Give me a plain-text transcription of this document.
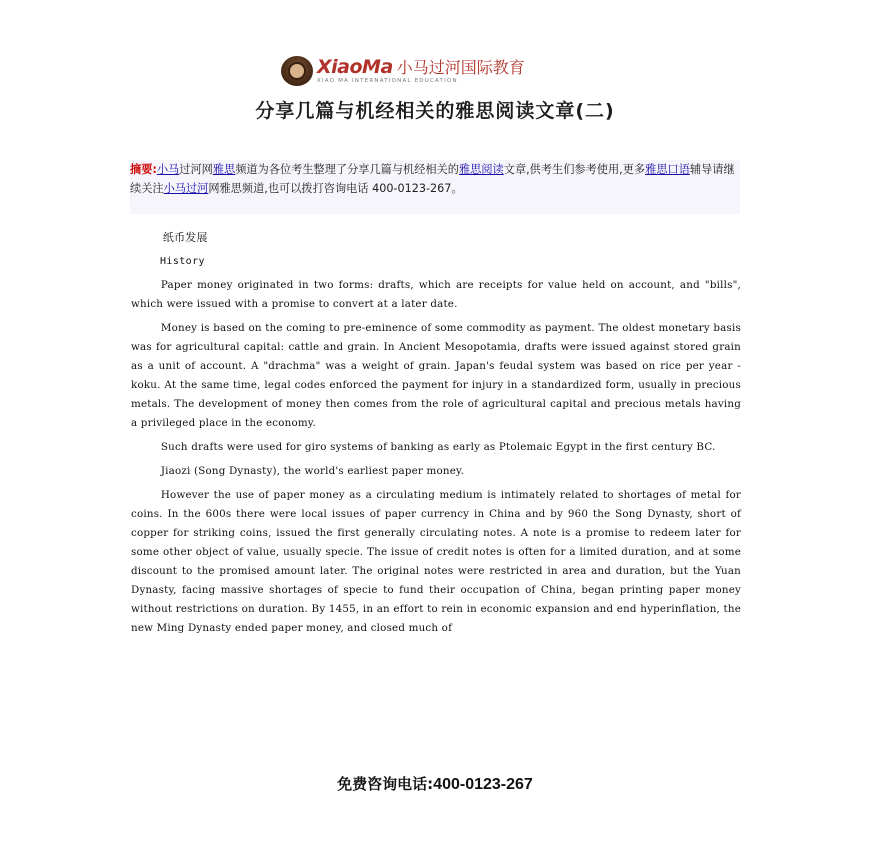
XiaoMa 小马过河国际教育
XIAO MA INTERNATIONAL EDUCATION
分享几篇与机经相关的雅思阅读文章(二)
摘要:小马过河网雅思频道为各位考生整理了分享几篇与机经相关的雅思阅读文章,供考生们参考使用,更多雅思口语辅导请继续关注小马过河网雅思频道,也可以拨打咨询电话 400-0123-267。

纸币发展

History

Paper money originated in two forms: drafts, which are receipts for value held on account, and "bills", which were issued with a promise to convert at a later date.

Money is based on the coming to pre-eminence of some commodity as payment. The oldest monetary basis was for agricultural capital: cattle and grain. In Ancient Mesopotamia, drafts were issued against stored grain as a unit of account. A "drachma" was a weight of grain. Japan's feudal system was based on rice per year - koku. At the same time, legal codes enforced the payment for injury in a standardized form, usually in precious metals. The development of money then comes from the role of agricultural capital and precious metals having a privileged place in the economy.

Such drafts were used for giro systems of banking as early as Ptolemaic Egypt in the first century BC.

Jiaozi (Song Dynasty), the world's earliest paper money.

However the use of paper money as a circulating medium is intimately related to shortages of metal for coins. In the 600s there were local issues of paper currency in China and by 960 the Song Dynasty, short of copper for striking coins, issued the first generally circulating notes. A note is a promise to redeem later for some other object of value, usually specie. The issue of credit notes is often for a limited duration, and at some discount to the promised amount later. The original notes were restricted in area and duration, but the Yuan Dynasty, facing massive shortages of specie to fund their occupation of China, began printing paper money without restrictions on duration. By 1455, in an effort to rein in economic expansion and end hyperinflation, the new Ming Dynasty ended paper money, and closed much of

免费咨询电话:400-0123-267
